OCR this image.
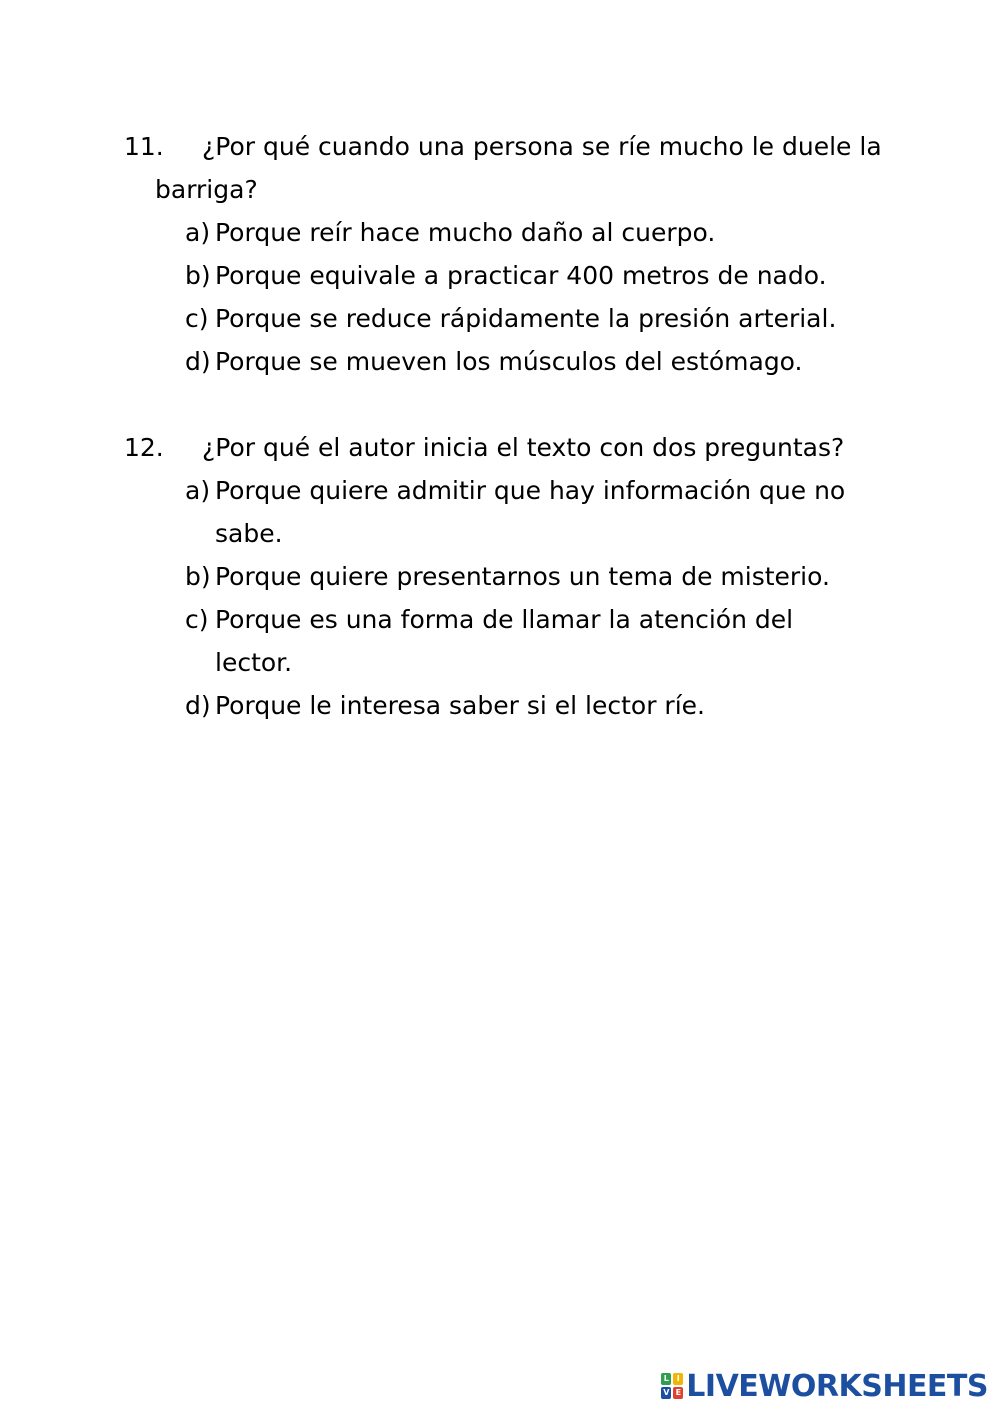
11. ¿Por qué cuando una persona se ríe mucho le duele la
barriga?
a) Porque reír hace mucho daño al cuerpo.
b) Porque equivale a practicar 400 metros de nado.
c) Porque se reduce rápidamente la presión arterial.
d) Porque se mueven los músculos del estómago.
12. ¿Por qué el autor inicia el texto con dos preguntas?
a) Porque quiere admitir que hay información que no
sabe.
b) Porque quiere presentarnos un tema de misterio.
c) Porque es una forma de llamar la atención del
lector.
d) Porque le interesa saber si el lector ríe.
L I
V E LIVEWORKSHEETS
